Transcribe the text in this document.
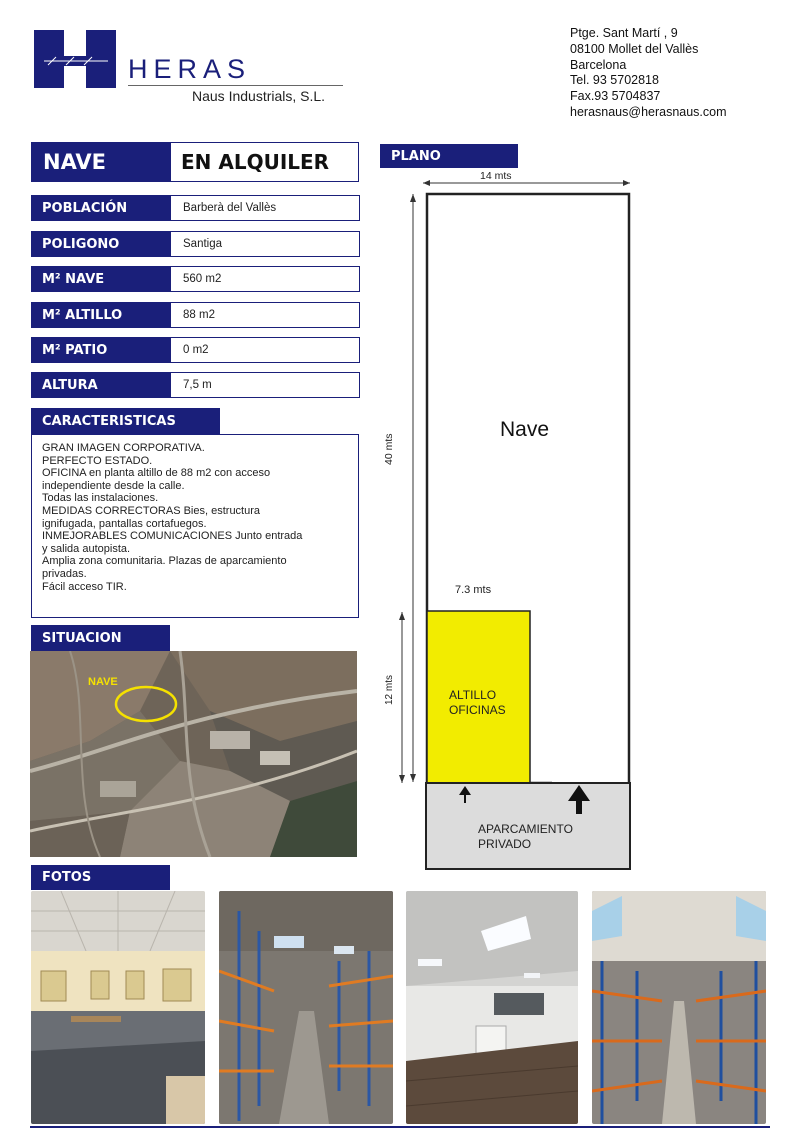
HERAS
Naus Industrials, S.L.
Ptge. Sant Martí , 9
08100 Mollet del Vallès
Barcelona
Tel. 93 5702818
Fax.93 5704837
herasnaus@herasnaus.com
NAVE	EN ALQUILER
POBLACIÓN	Barberà del Vallès
POLIGONO	Santiga
M² NAVE	560 m2
M² ALTILLO	88 m2
M² PATIO	0 m2
ALTURA	7,5 m
CARACTERISTICAS

GRAN IMAGEN CORPORATIVA.

PERFECTO ESTADO.

OFICINA en planta altillo de 88 m2 con acceso

independiente desde la calle.

Todas las instalaciones.

MEDIDAS CORRECTORAS Bies, estructura

ignifugada, pantallas cortafuegos.

INMEJORABLES COMUNICACIONES Junto entrada

y salida autopista.

Amplia zona comunitaria. Plazas de aparcamiento

privadas.

Fácil acceso TIR.

SITUACION
NAVE
PLANO
14 mts
40 mts
Nave
7.3 mts
12 mts	ALTILLO
OFICINAS
APARCAMIENTO
PRIVADO
FOTOS
